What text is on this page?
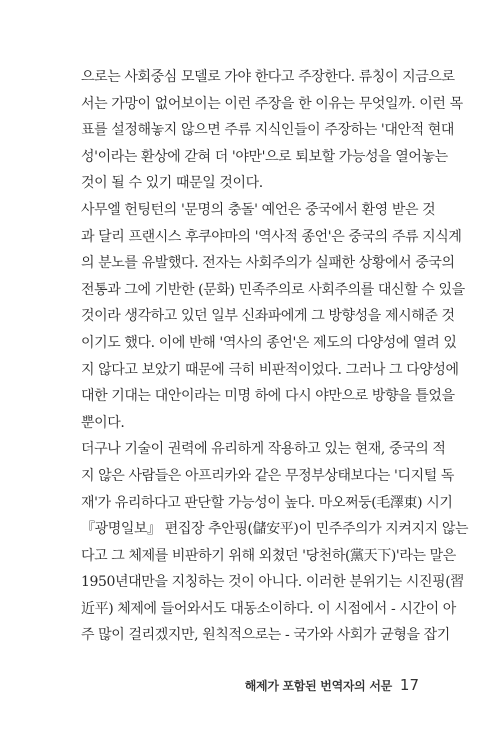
으로는 사회중심 모델로 가야 한다고 주장한다. 류칭이 지금으로
서는 가망이 없어보이는 이런 주장을 한 이유는 무엇일까. 이런 목
표를 설정해놓지 않으면 주류 지식인들이 주장하는 '대안적 현대
성'이라는 환상에 갇혀 더 '야만'으로 퇴보할 가능성을 열어놓는
것이 될 수 있기 때문일 것이다.
사무엘 헌팅턴의 '문명의 충돌' 예언은 중국에서 환영 받은 것
과 달리 프랜시스 후쿠야마의 '역사적 종언'은 중국의 주류 지식계
의 분노를 유발했다. 전자는 사회주의가 실패한 상황에서 중국의
전통과 그에 기반한 (문화) 민족주의로 사회주의를 대신할 수 있을
것이라 생각하고 있던 일부 신좌파에게 그 방향성을 제시해준 것
이기도 했다. 이에 반해 '역사의 종언'은 제도의 다양성에 열려 있
지 않다고 보았기 때문에 극히 비판적이었다. 그러나 그 다양성에
대한 기대는 대안이라는 미명 하에 다시 야만으로 방향을 틀었을
뿐이다.
더구나 기술이 권력에 유리하게 작용하고 있는 현재, 중국의 적
지 않은 사람들은 아프리카와 같은 무정부상태보다는 '디지털 독
재'가 유리하다고 판단할 가능성이 높다. 마오쩌둥(毛澤東) 시기
『광명일보』 편집장 추안핑(儲安平)이 민주주의가 지켜지지 않는
다고 그 체제를 비판하기 위해 외쳤던 '당천하(黨天下)'라는 말은
1950년대만을 지칭하는 것이 아니다. 이러한 분위기는 시진핑(習
近平) 체제에 들어와서도 대동소이하다. 이 시점에서 - 시간이 아
주 많이 걸리겠지만, 원칙적으로는 - 국가와 사회가 균형을 잡기
해제가 포함된 번역자의 서문 17
